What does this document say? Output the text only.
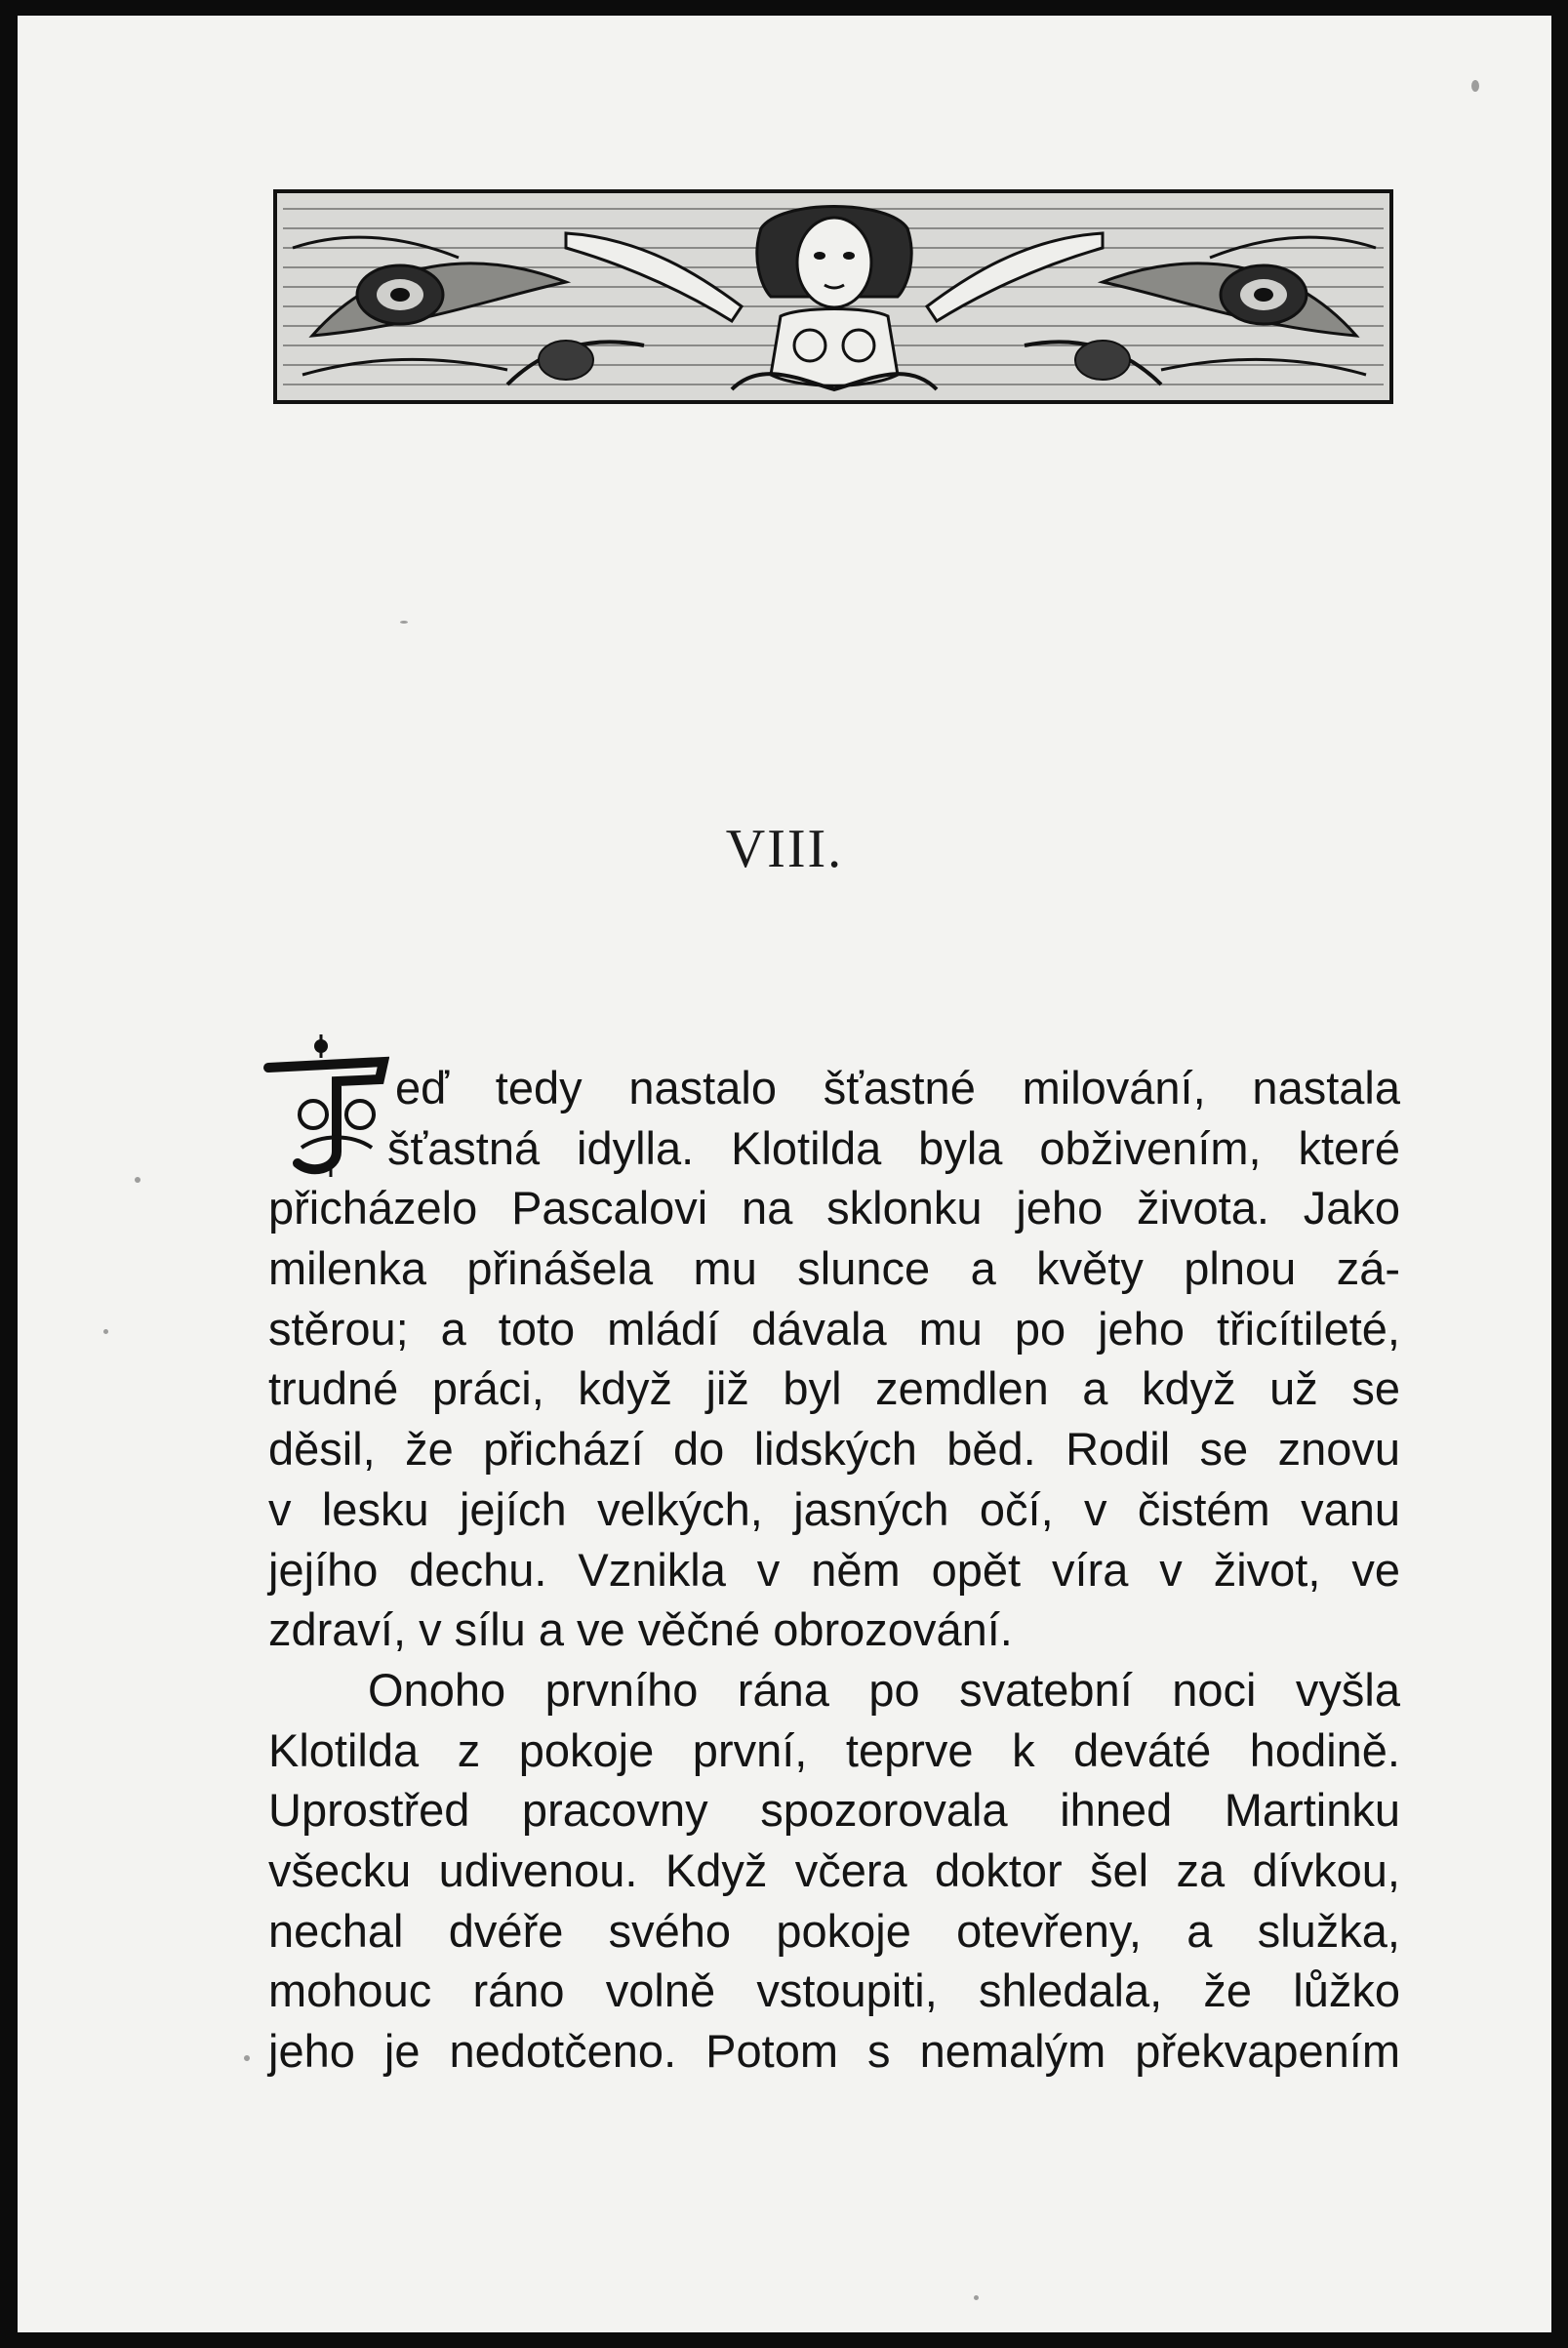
VIII.
eď tedy nastalo šťastné milování, nastala
šťastná idylla. Klotilda byla obživením, které
přicházelo Pascalovi na sklonku jeho života. Jako
milenka přinášela mu slunce a květy plnou zá-
stěrou; a toto mládí dávala mu po jeho třicítileté,
trudné práci, když již byl zemdlen a když už se
děsil, že přichází do lidských běd. Rodil se znovu
v lesku jejích velkých, jasných očí, v čistém vanu
jejího dechu. Vznikla v něm opět víra v život, ve
zdraví, v sílu a ve věčné obrozování.
Onoho prvního rána po svatební noci vyšla
Klotilda z pokoje první, teprve k deváté hodině.
Uprostřed pracovny spozorovala ihned Martinku
všecku udivenou. Když včera doktor šel za dívkou,
nechal dvéře svého pokoje otevřeny, a služka,
mohouc ráno volně vstoupiti, shledala, že lůžko
jeho je nedotčeno. Potom s nemalým překvapením
